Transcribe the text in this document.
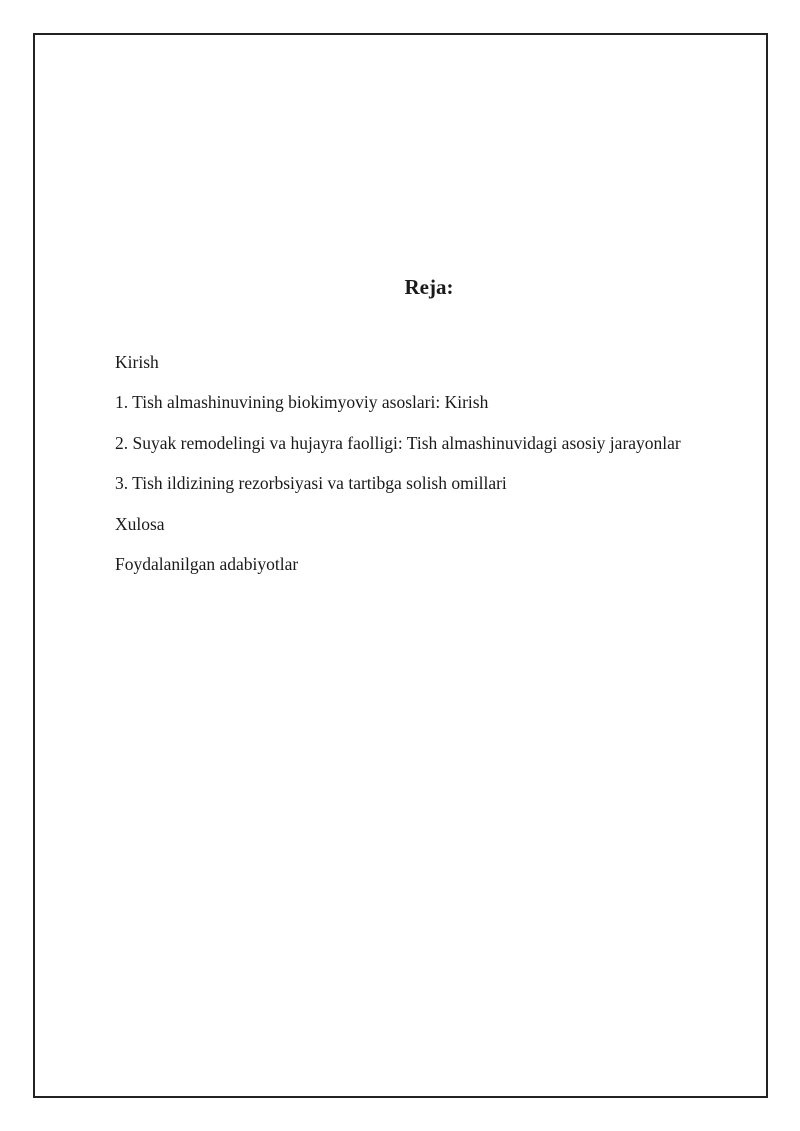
Reja:
Kirish
1. Tish almashinuvining biokimyoviy asoslari: Kirish
2. Suyak remodelingi va hujayra faolligi: Tish almashinuvidagi asosiy jarayonlar
3. Tish ildizining rezorbsiyasi va tartibga solish omillari
Xulosa
Foydalanilgan adabiyotlar
